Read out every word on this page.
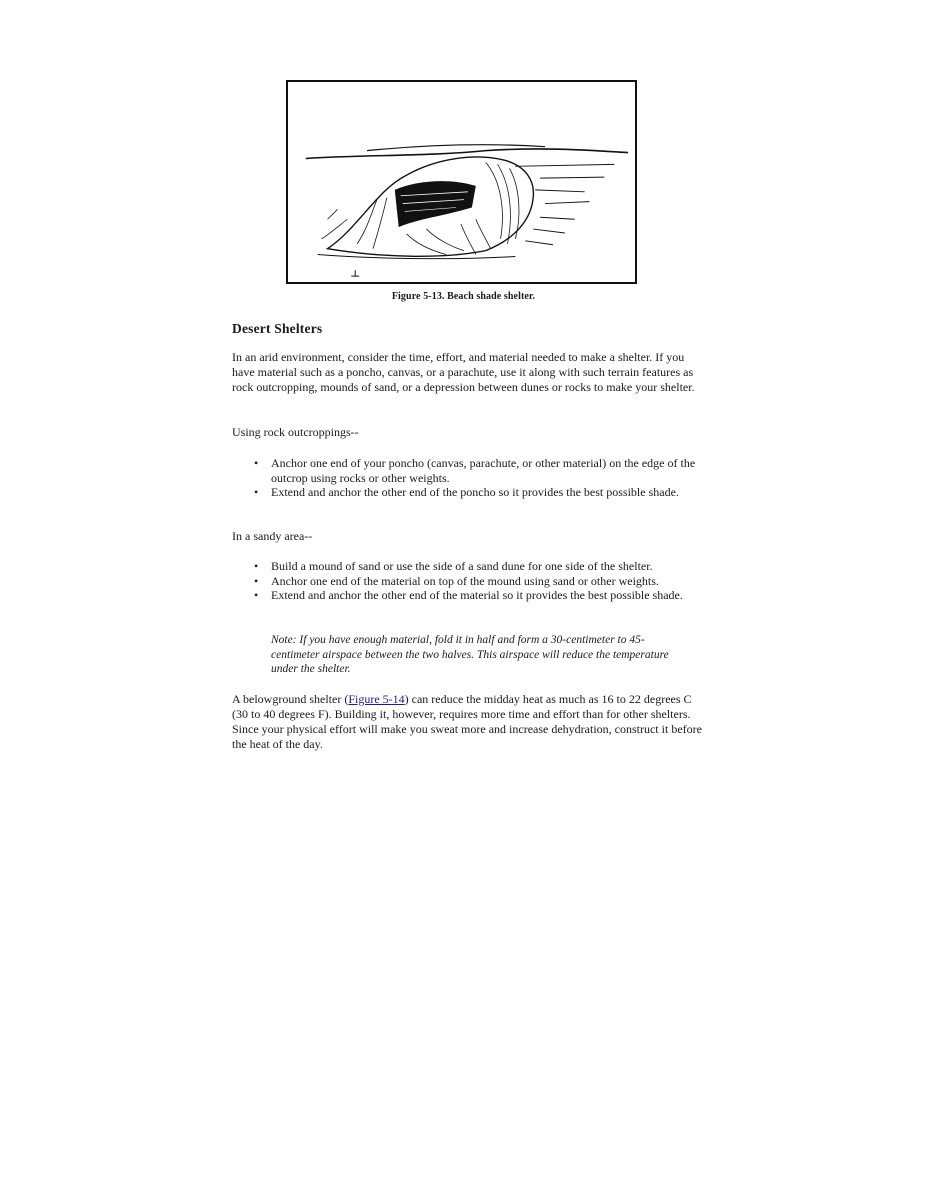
Figure 5-13. Beach shade shelter.
Desert Shelters

In an arid environment, consider the time, effort, and material needed to make a shelter. If you have material such as a poncho, canvas, or a parachute, use it along with such terrain features as rock outcropping, mounds of sand, or a depression between dunes or rocks to make your shelter.

Using rock outcroppings--

• Anchor one end of your poncho (canvas, parachute, or other material) on the edge of the outcrop using rocks or other weights.
• Extend and anchor the other end of the poncho so it provides the best possible shade.

In a sandy area--

• Build a mound of sand or use the side of a sand dune for one side of the shelter.
• Anchor one end of the material on top of the mound using sand or other weights.
• Extend and anchor the other end of the material so it provides the best possible shade.

Note: If you have enough material, fold it in half and form a 30-centimeter to 45-centimeter airspace between the two halves. This airspace will reduce the temperature under the shelter.

A belowground shelter (Figure 5-14) can reduce the midday heat as much as 16 to 22 degrees C (30 to 40 degrees F). Building it, however, requires more time and effort than for other shelters. Since your physical effort will make you sweat more and increase dehydration, construct it before the heat of the day.
